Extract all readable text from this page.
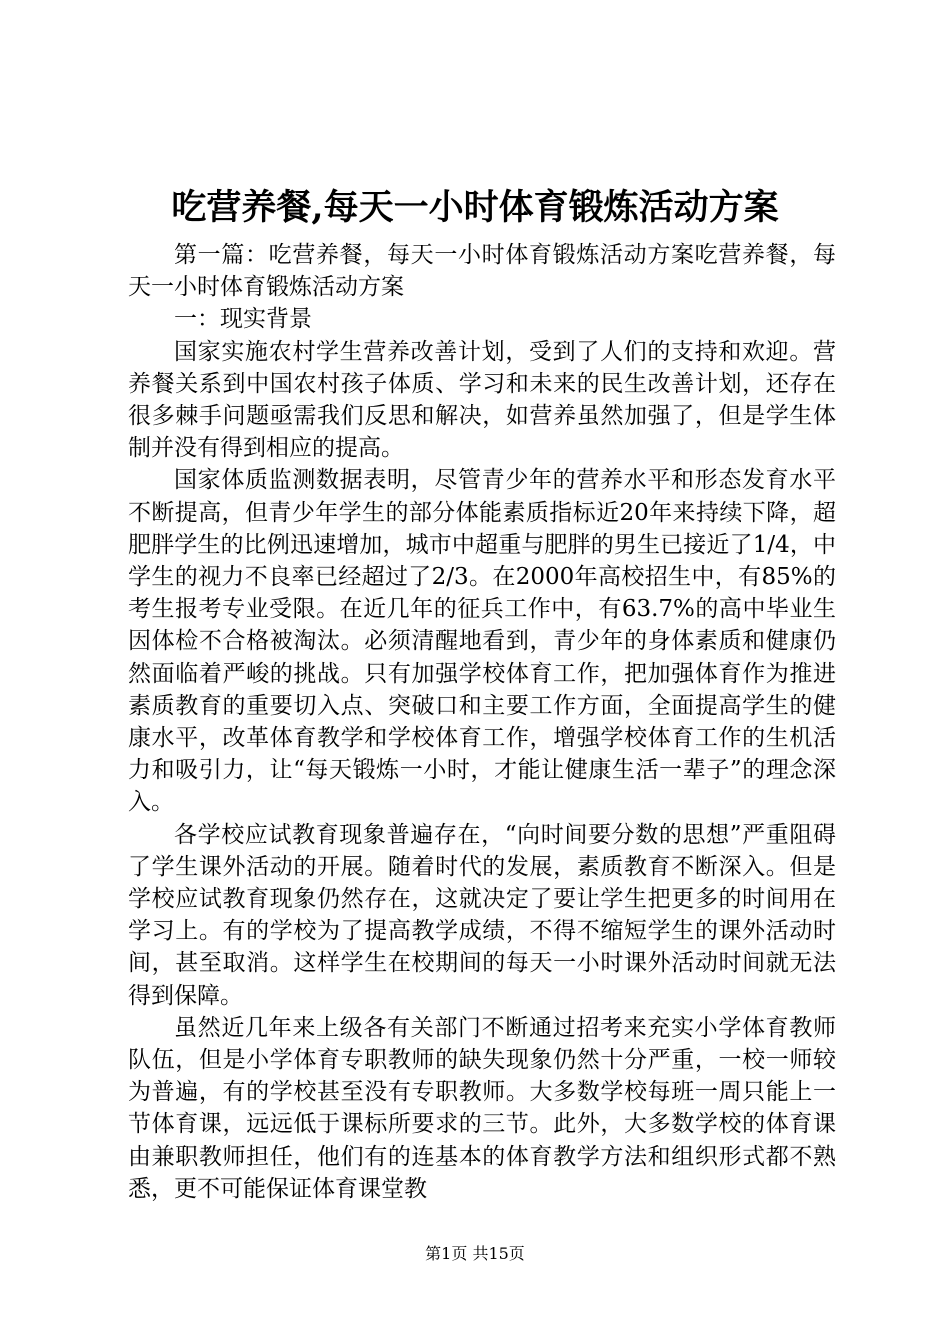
吃营养餐,每天一小时体育锻炼活动方案

第一篇：吃营养餐，每天一小时体育锻炼活动方案吃营养餐，每天一小时体育锻炼活动方案

一：现实背景

国家实施农村学生营养改善计划，受到了人们的支持和欢迎。营养餐关系到中国农村孩子体质、学习和未来的民生改善计划，还存在很多棘手问题亟需我们反思和解决，如营养虽然加强了，但是学生体制并没有得到相应的提高。

国家体质监测数据表明，尽管青少年的营养水平和形态发育水平不断提高，但青少年学生的部分体能素质指标近20年来持续下降，超肥胖学生的比例迅速增加，城市中超重与肥胖的男生已接近了1/4，中学生的视力不良率已经超过了2/3。在2000年高校招生中，有85%的考生报考专业受限。在近几年的征兵工作中，有63.7%的高中毕业生因体检不合格被淘汰。必须清醒地看到，青少年的身体素质和健康仍然面临着严峻的挑战。只有加强学校体育工作，把加强体育作为推进素质教育的重要切入点、突破口和主要工作方面，全面提高学生的健康水平，改革体育教学和学校体育工作，增强学校体育工作的生机活力和吸引力，让“每天锻炼一小时，才能让健康生活一辈子”的理念深入。

各学校应试教育现象普遍存在，“向时间要分数的思想”严重阻碍了学生课外活动的开展。随着时代的发展，素质教育不断深入。但是学校应试教育现象仍然存在，这就决定了要让学生把更多的时间用在学习上。有的学校为了提高教学成绩，不得不缩短学生的课外活动时间，甚至取消。这样学生在校期间的每天一小时课外活动时间就无法得到保障。

虽然近几年来上级各有关部门不断通过招考来充实小学体育教师队伍，但是小学体育专职教师的缺失现象仍然十分严重，一校一师较为普遍，有的学校甚至没有专职教师。大多数学校每班一周只能上一节体育课，远远低于课标所要求的三节。此外，大多数学校的体育课由兼职教师担任，他们有的连基本的体育教学方法和组织形式都不熟悉，更不可能保证体育课堂教

第1页 共15页
